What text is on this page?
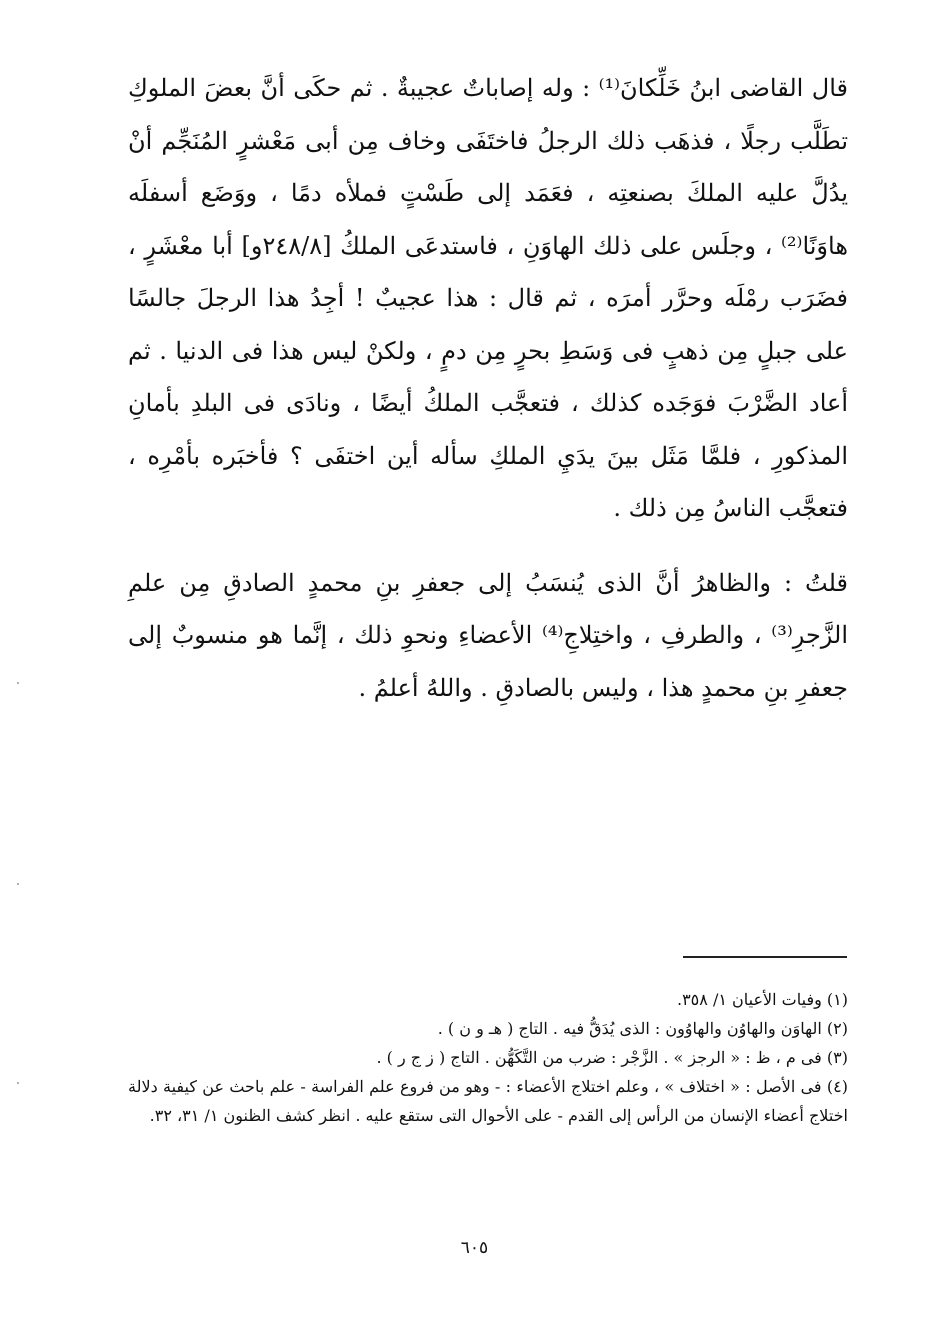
قال القاضى ابنُ خَلِّكانَ⁽¹⁾ : وله إصاباتٌ عجيبةٌ . ثم حكَى أنَّ بعضَ الملوكِ تطَلَّب رجلًا ، فذهَب ذلك الرجلُ فاختَفَى وخاف مِن أبى مَعْشرٍ المُنَجِّم أنْ يدُلَّ عليه الملكَ بصنعتِه ، فعَمَد إلى طَسْتٍ فملأه دمًا ، ووَضَع أسفلَه هاوَنًا⁽²⁾ ، وجلَس على ذلك الهاوَنِ ، فاستدعَى الملكُ [٢٤٨/٨و] أبا معْشَرٍ ، فضَرَب رمْلَه وحرَّر أمرَه ، ثم قال : هذا عجيبٌ ! أجِدُ هذا الرجلَ جالسًا على جبلٍ مِن ذهبٍ فى وَسَطِ بحرٍ مِن دمٍ ، ولكنْ ليس هذا فى الدنيا . ثم أعاد الضَّرْبَ فوَجَده كذلك ، فتعجَّب الملكُ أيضًا ، ونادَى فى البلدِ بأمانِ المذكورِ ، فلمَّا مَثَل بينَ يدَيِ الملكِ سأله أين اختفَى ؟ فأخبَره بأمْرِه ، فتعجَّب الناسُ مِن ذلك .

قلتُ : والظاهرُ أنَّ الذى يُنسَبُ إلى جعفرِ بنِ محمدٍ الصادقِ مِن علمِ الزَّجرِ⁽³⁾ ، والطرفِ ، واختِلاجِ⁽⁴⁾ الأعضاءِ ونحوِ ذلك ، إنَّما هو منسوبٌ إلى جعفرِ بنِ محمدٍ هذا ، وليس بالصادقِ . واللهُ أعلمُ .

(١) وفيات الأعيان ١/ ٣٥٨.

(٢) الهاوَن والهاوُن والهاوُون : الذى يُدَقُّ فيه . التاج ( هـ و ن ) .

(٣) فى م ، ظ : « الرجز » . الزَّجْر : ضرب من التَّكَهُّن . التاج ( ز ج ر ) .

(٤) فى الأصل : « اختلاف » ، وعلم اختلاج الأعضاء : - وهو من فروع علم الفراسة - علم باحث عن كيفية دلالة اختلاج أعضاء الإنسان من الرأس إلى القدم - على الأحوال التى ستقع عليه . انظر كشف الظنون ١/ ٣١، ٣٢.

٦٠٥
